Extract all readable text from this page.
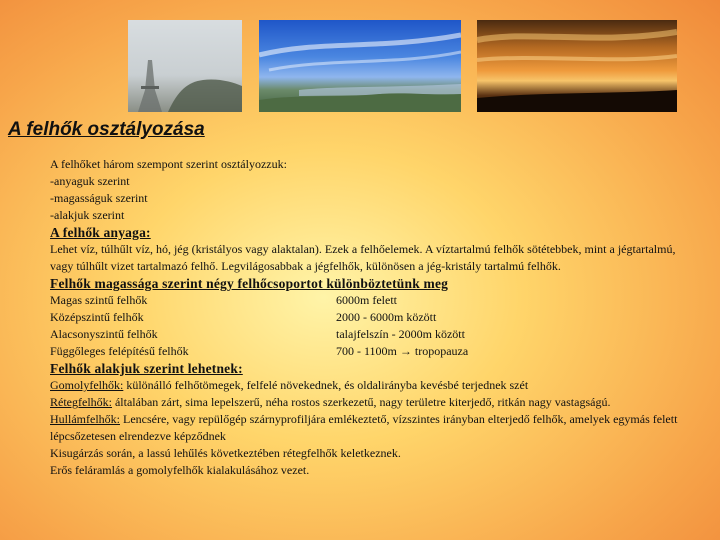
A felhők osztályozása
A felhőket három szempont szerint osztályozzuk:
-anyaguk szerint
-magasságuk szerint
-alakjuk szerint
A felhők anyaga:
Lehet víz, túlhűlt víz, hó, jég (kristályos vagy alaktalan). Ezek a felhőelemek. A víztartalmú felhők sötétebbek, mint a jégtartalmú, vagy túlhűlt vizet tartalmazó felhő. Legvilágosabbak a jégfelhők, különösen a jég-kristály tartalmú felhők.
Felhők magassága szerint négy felhőcsoportot különböztetünk meg
Magas szintű felhők	6000m felett
Középszintű felhők	2000 - 6000m között
Alacsonyszintű felhők	talajfelszín - 2000m között
Függőleges felépítésű felhők	700 - 1100m → tropopauza
Felhők alakjuk szerint lehetnek:
Gomolyfelhők: különálló felhőtömegek, felfelé növekednek, és oldalirányba kevésbé terjednek szét
Rétegfelhők: általában zárt, sima lepelszerű, néha rostos szerkezetű, nagy területre kiterjedő, ritkán nagy vastagságú.
Hullámfelhők: Lencsére, vagy repülőgép szárnyprofiljára emlékeztető, vízszintes irányban elterjedő felhők, amelyek egymás felett lépcsőzetesen elrendezve képződnek
Kisugárzás során, a lassú lehűlés következtében rétegfelhők keletkeznek.
Erős feláramlás a gomolyfelhők kialakulásához vezet.
